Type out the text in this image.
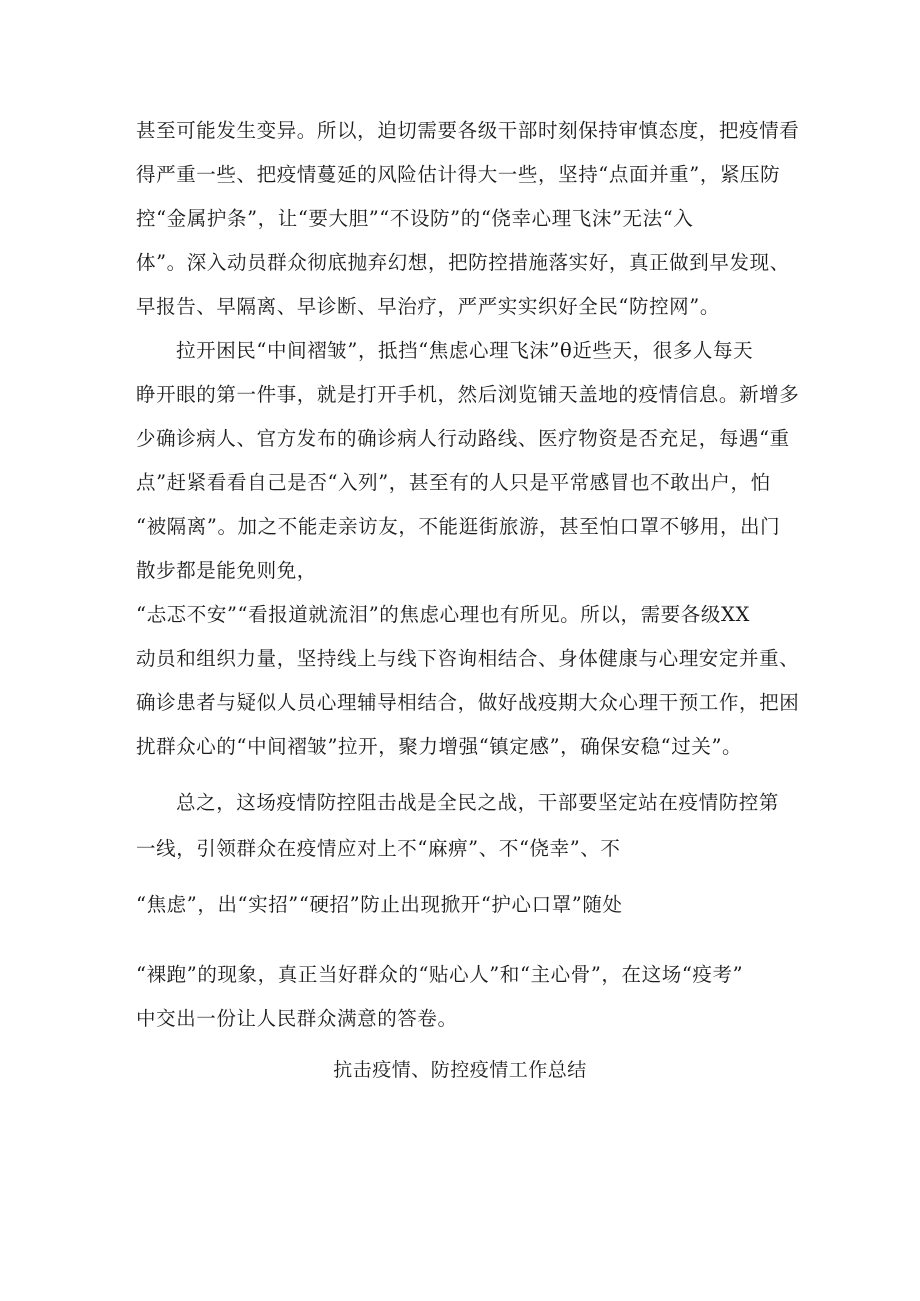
甚至可能发生变异。所以，迫切需要各级干部时刻保持审慎态度，把疫情看
得严重一些、把疫情蔓延的风险估计得大一些，坚持“点面并重”，紧压防
控“金属护条”，让“要大胆”“不设防”的“侥幸心理飞沫”无法“入
体”。深入动员群众彻底抛弃幻想，把防控措施落实好，真正做到早发现、
早报告、早隔离、早诊断、早治疗，严严实实织好全民“防控网”。
拉开困民“中间褶皱”，抵挡“焦虑心理飞沫”θ近些天，很多人每天
睁开眼的第一件事，就是打开手机，然后浏览铺天盖地的疫情信息。新增多
少确诊病人、官方发布的确诊病人行动路线、医疗物资是否充足，每遇“重
点”赶紧看看自己是否“入列”，甚至有的人只是平常感冒也不敢出户，怕
“被隔离”。加之不能走亲访友，不能逛街旅游，甚至怕口罩不够用，出门
散步都是能免则免，
“忐忑不安”“看报道就流泪”的焦虑心理也有所见。所以，需要各级XX
动员和组织力量，坚持线上与线下咨询相结合、身体健康与心理安定并重、
确诊患者与疑似人员心理辅导相结合，做好战疫期大众心理干预工作，把困
扰群众心的“中间褶皱”拉开，聚力增强“镇定感”，确保安稳“过关”。
总之，这场疫情防控阻击战是全民之战，干部要坚定站在疫情防控第
一线，引领群众在疫情应对上不“麻痹”、不“侥幸”、不
“焦虑”，出“实招”“硬招”防止出现掀开“护心口罩”随处
“裸跑”的现象，真正当好群众的“贴心人”和“主心骨”，在这场“疫考”
中交出一份让人民群众满意的答卷。
抗击疫情、防控疫情工作总结
